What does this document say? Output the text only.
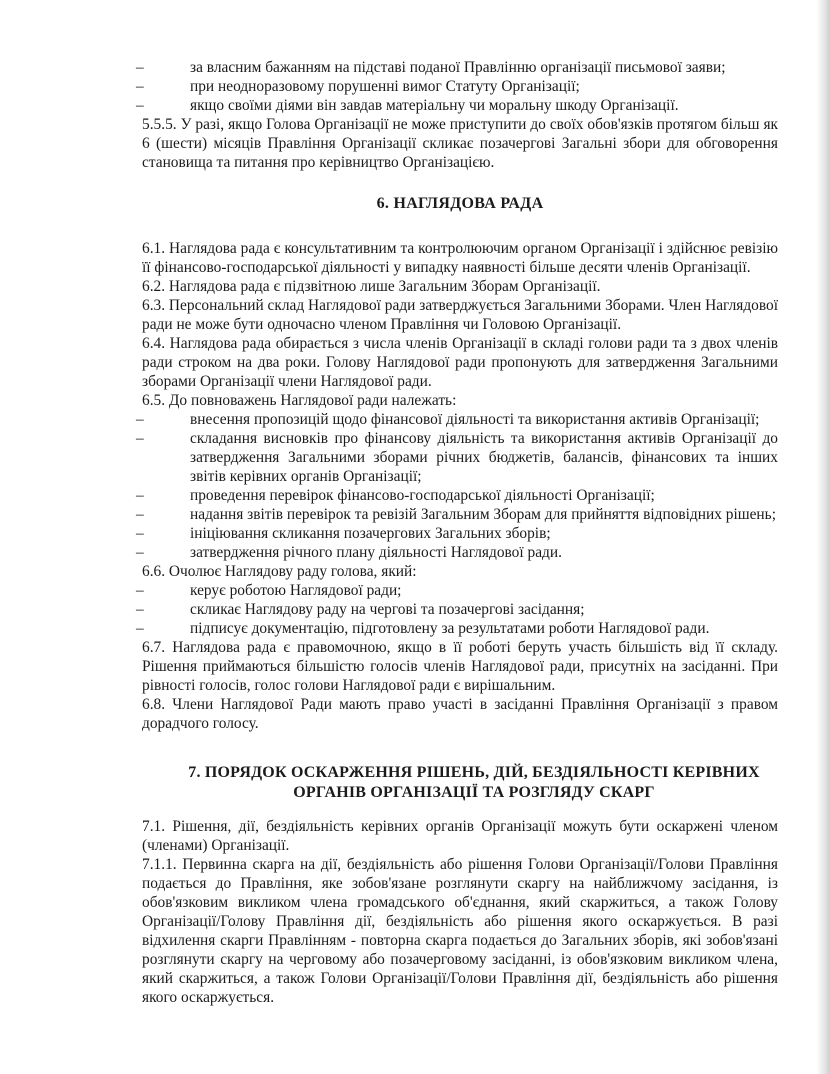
–	за власним бажанням на підставі поданої Правлінню організації письмової заяви;
–	при неодноразовому порушенні вимог Статуту Організації;
–	якщо своїми діями він завдав матеріальну чи моральну шкоду Організації.

5.5.5. У разі, якщо Голова Організації не може приступити до своїх обов'язків протягом більш як 6 (шести) місяців Правління Організації скликає позачергові Загальні збори для обговорення становища та питання про керівництво Організацією.

6. НАГЛЯДОВА РАДА

6.1. Наглядова рада є консультативним та контролюючим органом Організації і здійснює ревізію її фінансово-господарської діяльності у випадку наявності більше десяти членів Організації.

6.2. Наглядова рада є підзвітною лише Загальним Зборам Організації.

6.3. Персональний склад Наглядової ради затверджується Загальними Зборами. Член Наглядової ради не може бути одночасно членом Правління чи Головою Організації.

6.4. Наглядова рада обирається з числа членів Організації в складі голови ради та з двох членів ради строком на два роки. Голову Наглядової ради пропонують для затвердження Загальними зборами Організації члени Наглядової ради.

6.5. До повноважень Наглядової ради належать:

–	внесення пропозицій щодо фінансової діяльності та використання активів Організації;
–	складання висновків про фінансову діяльність та використання активів Організації до затвердження Загальними зборами річних бюджетів, балансів, фінансових та інших звітів керівних органів Організації;
–	проведення перевірок фінансово-господарської діяльності Організації;
–	надання звітів перевірок та ревізій Загальним Зборам для прийняття відповідних рішень;
–	ініціювання скликання позачергових Загальних зборів;
–	затвердження річного плану діяльності Наглядової ради.

6.6. Очолює Наглядову раду голова, який:

–	керує роботою Наглядової ради;
–	скликає Наглядову раду на чергові та позачергові засідання;
–	підписує документацію, підготовлену за результатами роботи Наглядової ради.

6.7. Наглядова рада є правомочною, якщо в її роботі беруть участь більшість від її складу. Рішення приймаються більшістю голосів членів Наглядової ради, присутніх на засіданні. При рівності голосів, голос голови Наглядової ради є вирішальним.

6.8. Члени Наглядової Ради мають право участі в засіданні Правління Організації з правом дорадчого голосу.

7. ПОРЯДОК ОСКАРЖЕННЯ РІШЕНЬ, ДІЙ, БЕЗДІЯЛЬНОСТІ КЕРІВНИХ
ОРГАНІВ ОРГАНІЗАЦІЇ ТА РОЗГЛЯДУ СКАРГ

7.1. Рішення, дії, бездіяльність керівних органів Організації можуть бути оскаржені членом (членами) Організації.

7.1.1. Первинна скарга на дії, бездіяльність або рішення Голови Організації/Голови Правління подається до Правління, яке зобов'язане розглянути скаргу на найближчому засідання, із обов'язковим викликом члена громадського об'єднання, який скаржиться, а також Голову Організації/Голову Правління дії, бездіяльність або рішення якого оскаржується. В разі відхилення скарги Правлінням - повторна скарга подається до Загальних зборів, які зобов'язані розглянути скаргу на черговому або позачерговому засіданні, із обов'язковим викликом члена, який скаржиться, а також Голови Організації/Голови Правління дії, бездіяльність або рішення якого оскаржується.
